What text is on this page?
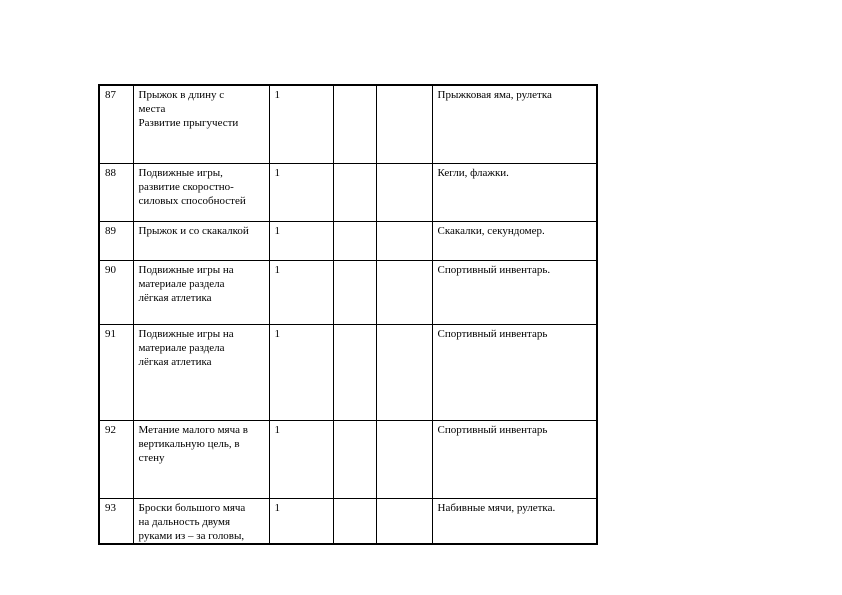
87	Прыжок в длину с
места
Развитие прыгучести	1			Прыжковая яма, рулетка

88	Подвижные игры,
развитие скоростно-
силовых способностей	1			Кегли, флажки.

89	Прыжок и со скакалкой	1			Скакалки, секундомер.

90	Подвижные игры на
материале раздела
лёгкая атлетика	1			Спортивный инвентарь.

91	Подвижные игры на
материале раздела
лёгкая атлетика	1			Спортивный инвентарь

92	Метание малого мяча в
вертикальную цель, в
стену	1			Спортивный инвентарь

93	Броски большого мяча
на дальность двумя
руками из – за головы,	1			Набивные мячи, рулетка.
